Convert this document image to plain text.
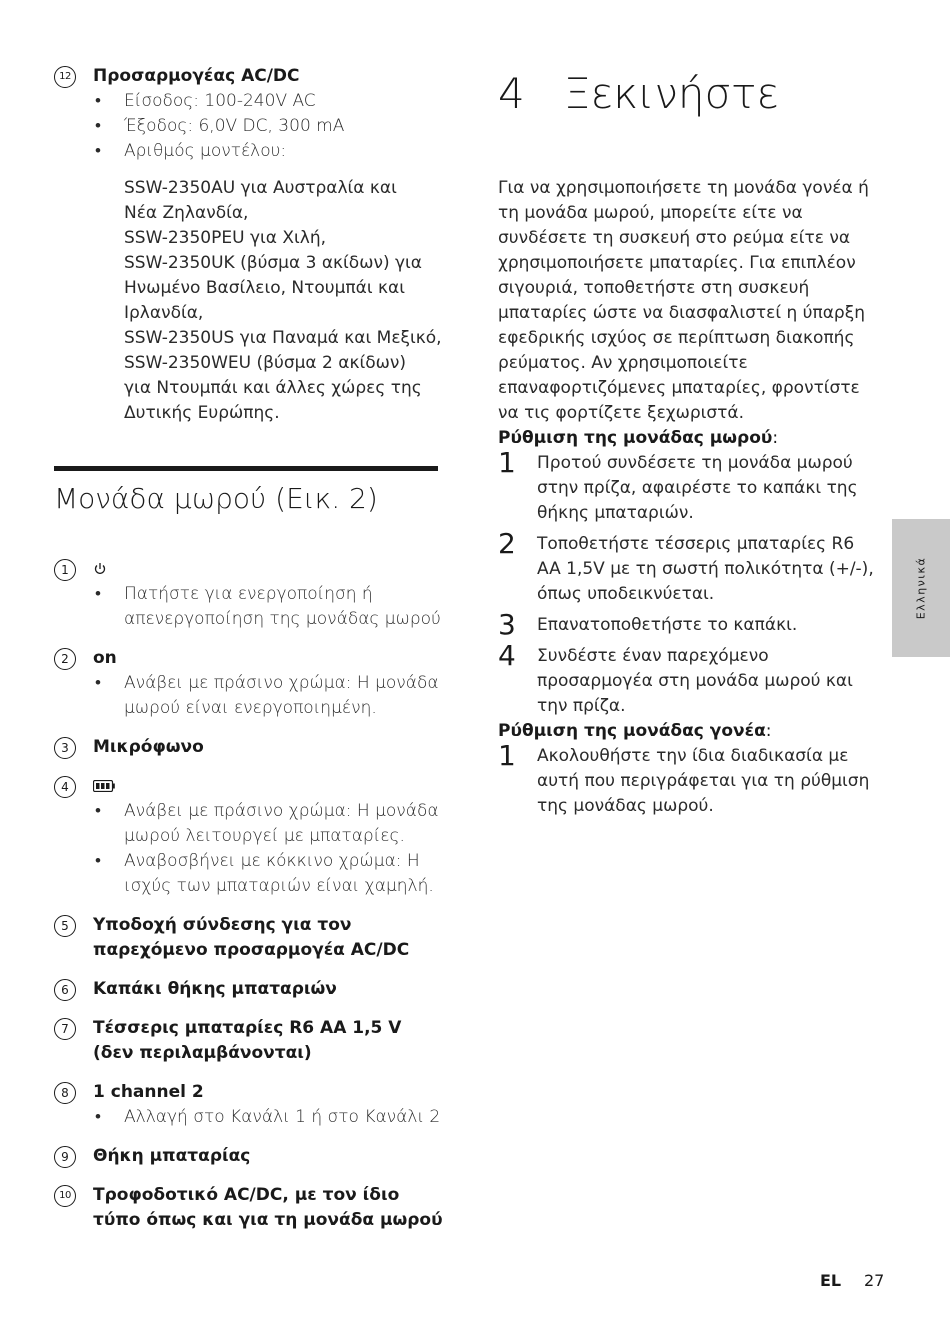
12	Προσαρμογέας AC/DC
• Είσοδος: 100-240V AC
• Έξοδος: 6,0V DC, 300 mA
• Αριθμός μοντέλου:
SSW-2350AU για Αυστραλία και
Νέα Ζηλανδία,
SSW-2350PEU για Χιλή,
SSW-2350UK (βύσμα 3 ακίδων) για
Ηνωμένο Βασίλειο, Ντουμπάι και
Ιρλανδία,
SSW-2350US για Παναμά και Μεξικό,
SSW-2350WEU (βύσμα 2 ακίδων)
για Ντουμπάι και άλλες χώρες της
Δυτικής Ευρώπης.
Μονάδα μωρού (Εικ. 2)
1
• Πατήστε για ενεργοποίηση ή απενεργοποίηση της μονάδας μωρού
2	on
• Ανάβει με πράσινο χρώμα: Η μονάδα μωρού είναι ενεργοποιημένη.
3	Μικρόφωνο
4
• Ανάβει με πράσινο χρώμα: Η μονάδα μωρού λειτουργεί με μπαταρίες.
• Αναβοσβήνει με κόκκινο χρώμα: Η ισχύς των μπαταριών είναι χαμηλή.
5	Υποδοχή σύνδεσης για τον παρεχόμενο προσαρμογέα AC/DC
6	Καπάκι θήκης μπαταριών
7	Τέσσερις μπαταρίες R6 AA 1,5 V (δεν περιλαμβάνονται)
8	1 channel 2
• Αλλαγή στο Κανάλι 1 ή στο Κανάλι 2
9	Θήκη μπαταρίας
10	Τροφοδοτικό AC/DC, με τον ίδιο τύπο όπως και για τη μονάδα μωρού
4 Ξεκινήστε

Για να χρησιμοποιήσετε τη μονάδα γονέα ή τη μονάδα μωρού, μπορείτε είτε να συνδέσετε τη συσκευή στο ρεύμα είτε να χρησιμοποιήσετε μπαταρίες. Για επιπλέον σιγουριά, τοποθετήστε στη συσκευή μπαταρίες ώστε να διασφαλιστεί η ύπαρξη εφεδρικής ισχύος σε περίπτωση διακοπής ρεύματος. Αν χρησιμοποιείτε επαναφορτιζόμενες μπαταρίες, φροντίστε να τις φορτίζετε ξεχωριστά.

Ρύθμιση της μονάδας μωρού:

1 Προτού συνδέσετε τη μονάδα μωρού στην πρίζα, αφαιρέστε το καπάκι της θήκης μπαταριών.
2 Τοποθετήστε τέσσερις μπαταρίες R6 AA 1,5V με τη σωστή πολικότητα (+/-), όπως υποδεικνύεται.
3 Επανατοποθετήστε το καπάκι.
4 Συνδέστε έναν παρεχόμενο προσαρμογέα στη μονάδα μωρού και την πρίζα.

Ρύθμιση της μονάδας γονέα:

1 Ακολουθήστε την ίδια διαδικασία με αυτή που περιγράφεται για τη ρύθμιση της μονάδας μωρού.
Ελληνικά
EL 27
